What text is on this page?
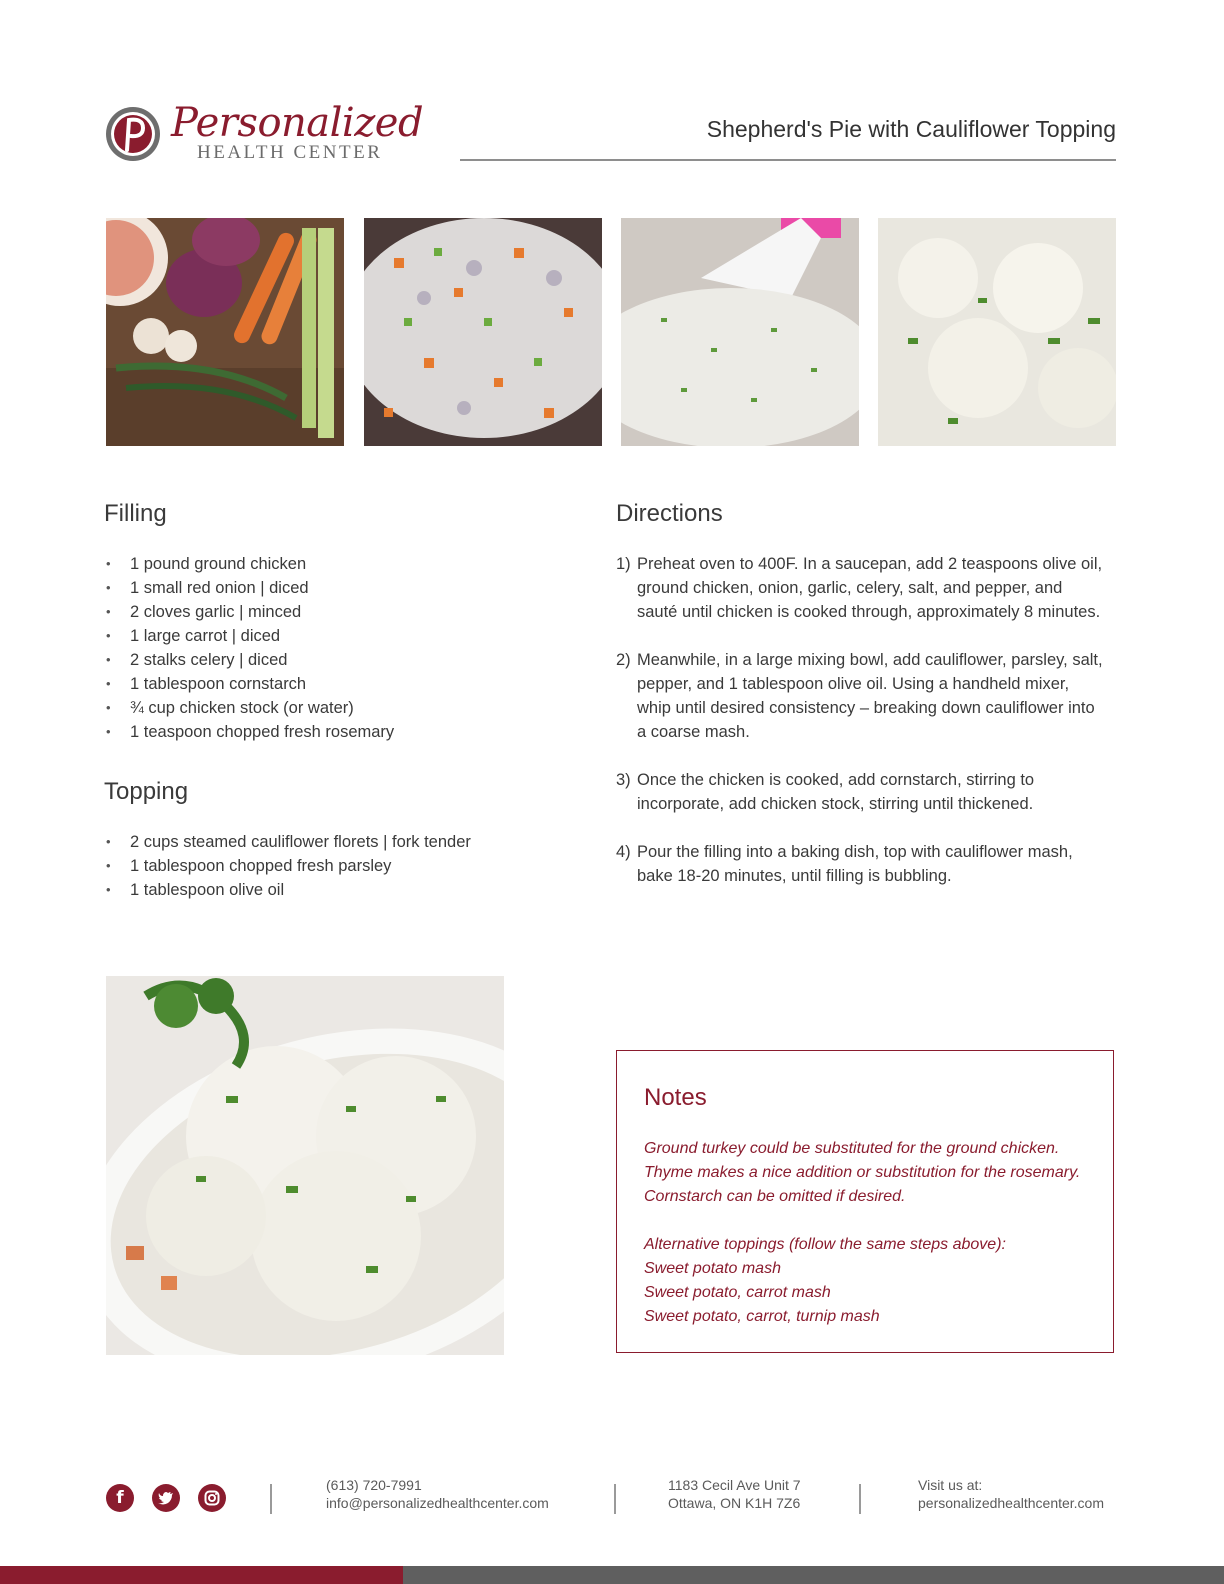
Personalized
HEALTH CENTER
Shepherd's Pie with Cauliflower Topping
Filling
• 1 pound ground chicken
• 1 small red onion | diced
• 2 cloves garlic | minced
• 1 large carrot | diced
• 2 stalks celery | diced
• 1 tablespoon cornstarch
• ¾ cup chicken stock (or water)
• 1 teaspoon chopped fresh rosemary
Topping
• 2 cups steamed cauliflower florets | fork tender
• 1 tablespoon chopped fresh parsley
• 1 tablespoon olive oil
Directions
1) Preheat oven to 400F. In a saucepan, add 2 teaspoons olive oil,
ground chicken, onion, garlic, celery, salt, and pepper, and
sauté until chicken is cooked through, approximately 8 minutes.
2) Meanwhile, in a large mixing bowl, add cauliflower, parsley, salt,
pepper, and 1 tablespoon olive oil. Using a handheld mixer,
whip until desired consistency – breaking down cauliflower into
a coarse mash.
3) Once the chicken is cooked, add cornstarch, stirring to
incorporate, add chicken stock, stirring until thickened.
4) Pour the filling into a baking dish, top with cauliflower mash,
bake 18-20 minutes, until filling is bubbling.
Notes
Ground turkey could be substituted for the ground chicken.
Thyme makes a nice addition or substitution for the rosemary.
Cornstarch can be omitted if desired.

Alternative toppings (follow the same steps above):
Sweet potato mash
Sweet potato, carrot mash
Sweet potato, carrot, turnip mash
f
(613) 720-7991
info@personalizedhealthcenter.com
1183 Cecil Ave Unit 7
Ottawa, ON K1H 7Z6
Visit us at:
personalizedhealthcenter.com
